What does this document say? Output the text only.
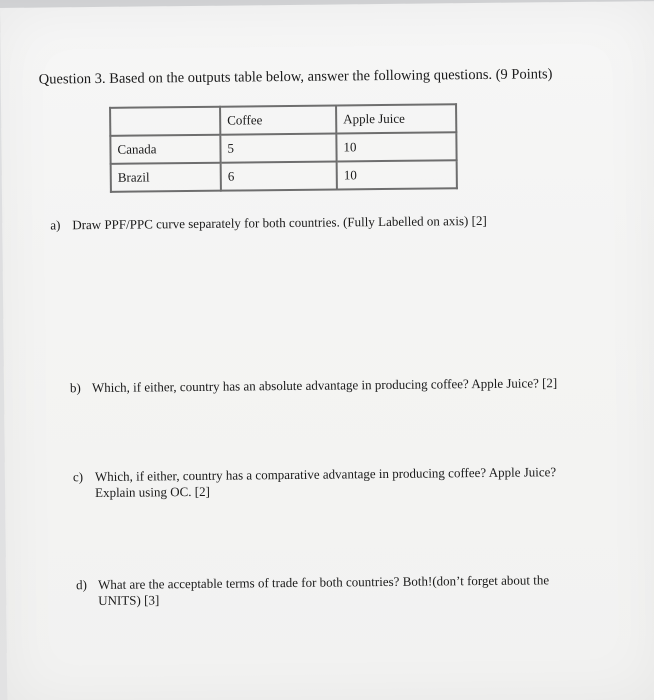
Question 3. Based on the outputs table below, answer the following questions. (9 Points)
	Coffee	Apple Juice
Canada	5	10
Brazil	6	10
a) Draw PPF/PPC curve separately for both countries. (Fully Labelled on axis) [2]
b) Which, if either, country has an absolute advantage in producing coffee? Apple Juice? [2]
c) Which, if either, country has a comparative advantage in producing coffee? Apple Juice?
Explain using OC. [2]
d) What are the acceptable terms of trade for both countries? Both!(don’t forget about the
UNITS) [3]
